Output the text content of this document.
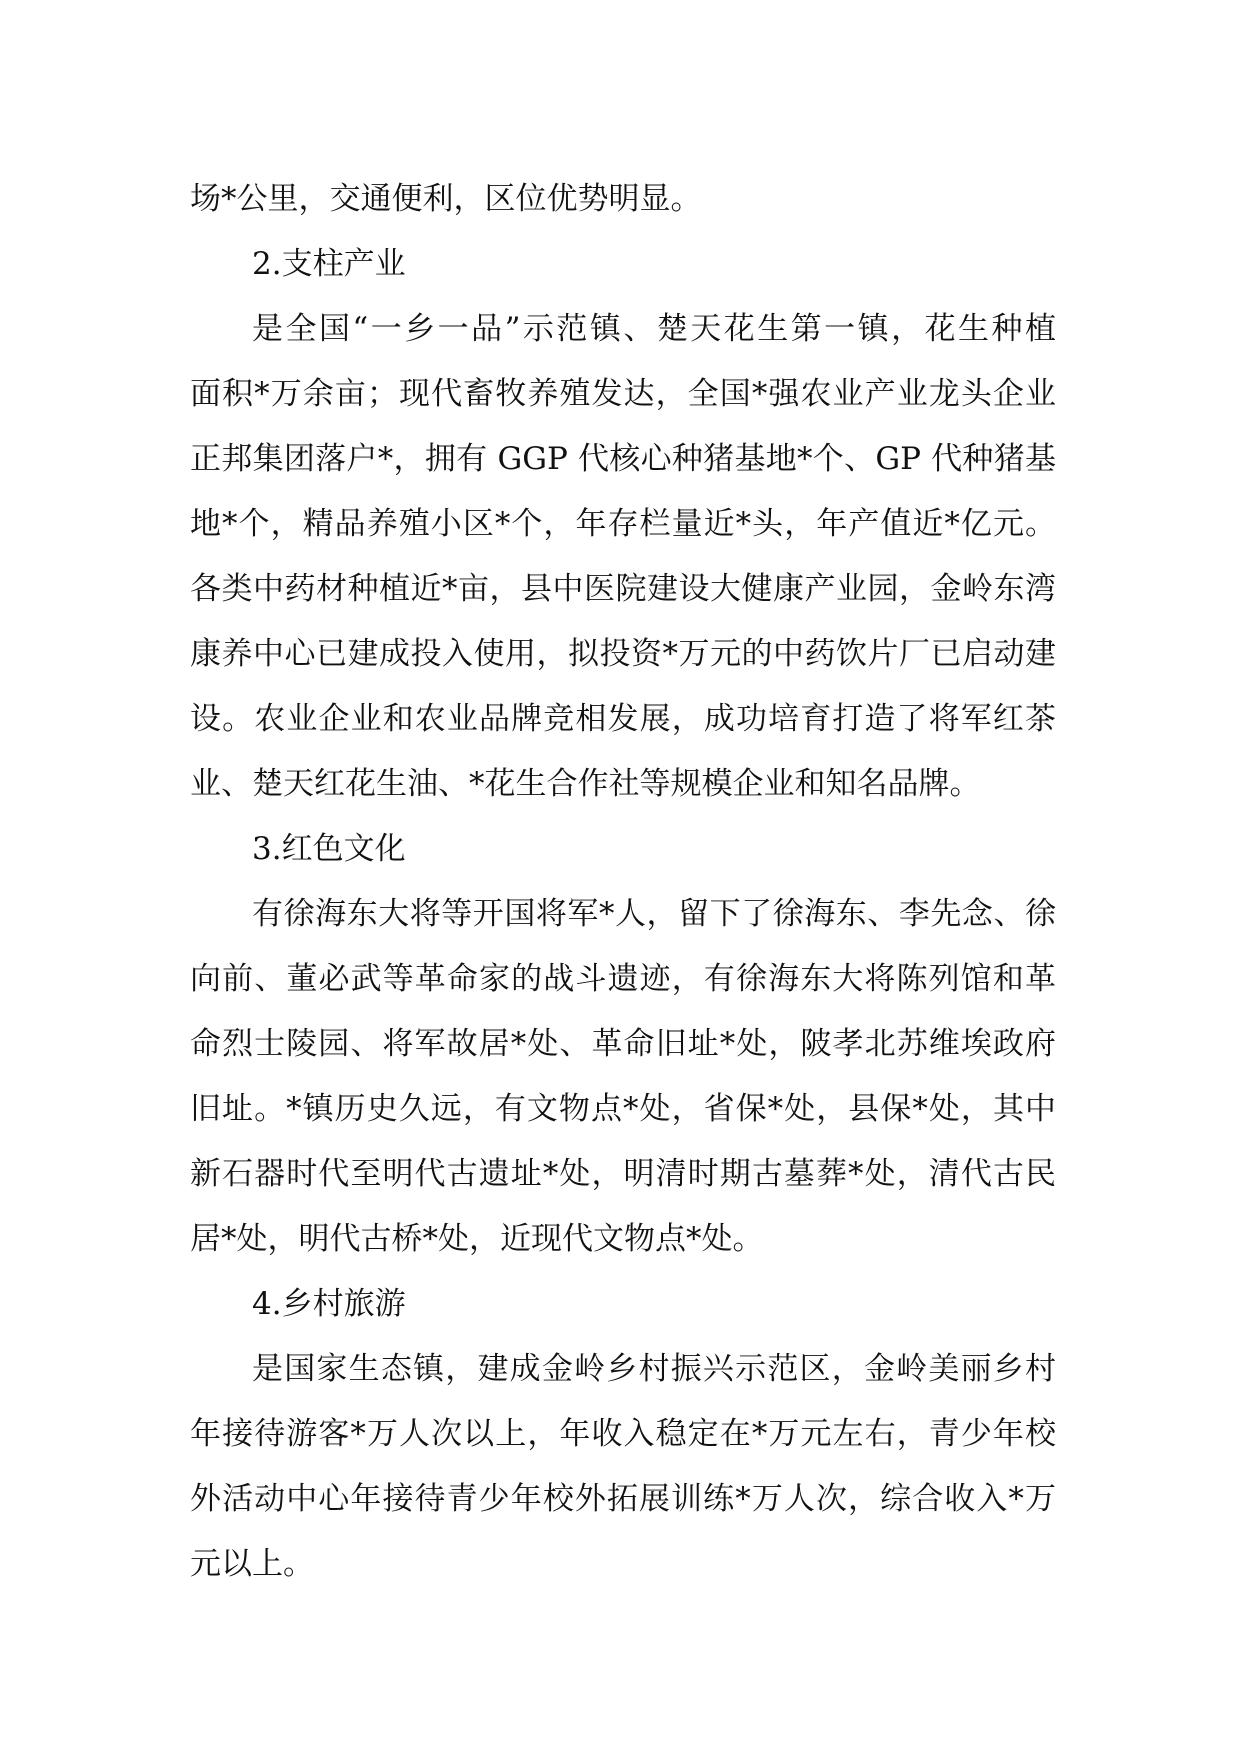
场*公里，交通便利，区位优势明显。
2.支柱产业
是全国“一乡一品”示范镇、楚天花生第一镇，花生种植
面积*万余亩；现代畜牧养殖发达，全国*强农业产业龙头企业
正邦集团落户*，拥有 GGP 代核心种猪基地*个、GP 代种猪基
地*个，精品养殖小区*个，年存栏量近*头，年产值近*亿元。
各类中药材种植近*亩，县中医院建设大健康产业园，金岭东湾
康养中心已建成投入使用，拟投资*万元的中药饮片厂已启动建
设。农业企业和农业品牌竞相发展，成功培育打造了将军红茶
业、楚天红花生油、*花生合作社等规模企业和知名品牌。
3.红色文化
有徐海东大将等开国将军*人，留下了徐海东、李先念、徐
向前、董必武等革命家的战斗遗迹，有徐海东大将陈列馆和革
命烈士陵园、将军故居*处、革命旧址*处，陂孝北苏维埃政府
旧址。*镇历史久远，有文物点*处，省保*处，县保*处，其中
新石器时代至明代古遗址*处，明清时期古墓葬*处，清代古民
居*处，明代古桥*处，近现代文物点*处。
4.乡村旅游
是国家生态镇，建成金岭乡村振兴示范区，金岭美丽乡村
年接待游客*万人次以上，年收入稳定在*万元左右，青少年校
外活动中心年接待青少年校外拓展训练*万人次，综合收入*万
元以上。
